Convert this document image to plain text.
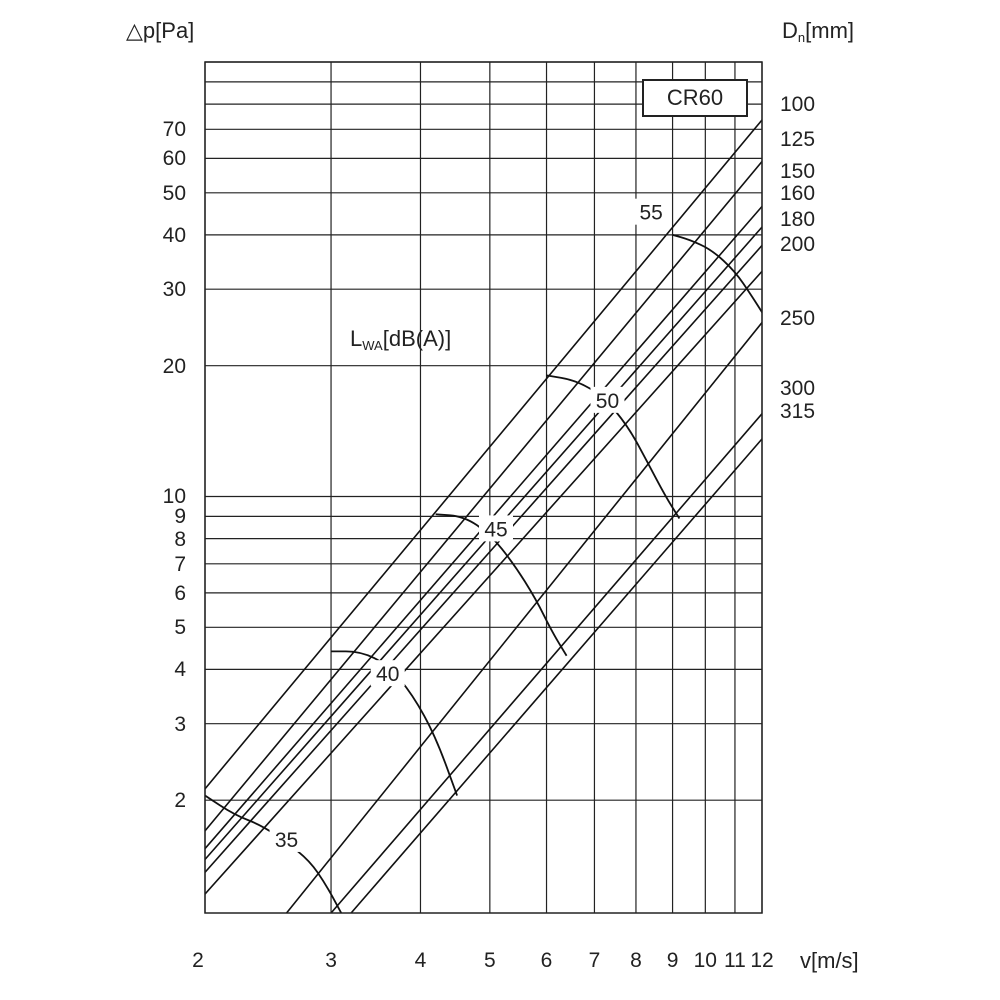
35
40
45
50
55
CR60
△p[Pa]	$D_n[mm]$
$L_{WA}[dB(A)]$
v[m/s]
2
3
4
5
6
7
8
9
10
20
30
40
50
60
70
2	3	4	5	6	7	8	9 10 11 12
100
125
150
160
180
200
250
300
315
